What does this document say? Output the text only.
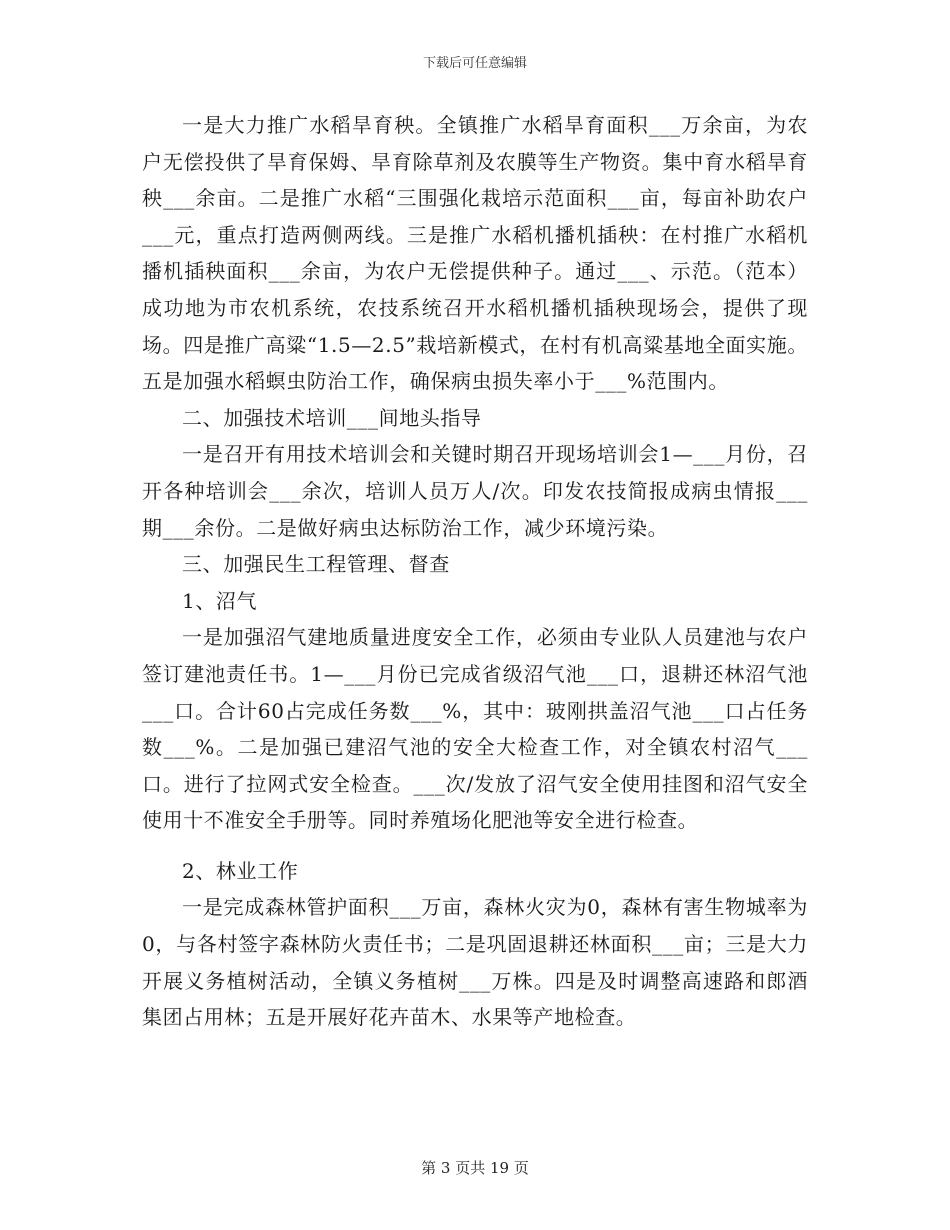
下载后可任意编辑

一是大力推广水稻旱育秧。全镇推广水稻旱育面积___万余亩，为农户无偿投供了旱育保姆、旱育除草剂及农膜等生产物资。集中育水稻旱育秧___余亩。二是推广水稻“三围强化栽培示范面积___亩，每亩补助农户___元，重点打造两侧两线。三是推广水稻机播机插秧：在村推广水稻机播机插秧面积___余亩，为农户无偿提供种子。通过___、示范。（范本）成功地为市农机系统，农技系统召开水稻机播机插秧现场会，提供了现场。四是推广高粱“1.5—2.5”栽培新模式，在村有机高粱基地全面实施。五是加强水稻螟虫防治工作，确保病虫损失率小于___%范围内。

二、加强技术培训___间地头指导

一是召开有用技术培训会和关键时期召开现场培训会1—___月份，召开各种培训会___余次，培训人员万人/次。印发农技简报成病虫情报___期___余份。二是做好病虫达标防治工作，减少环境污染。

三、加强民生工程管理、督查

1、沼气

一是加强沼气建地质量进度安全工作，必须由专业队人员建池与农户签订建池责任书。1—___月份已完成省级沼气池___口，退耕还林沼气池___口。合计60占完成任务数___%，其中：玻刚拱盖沼气池___口占任务数___%。二是加强已建沼气池的安全大检查工作，对全镇农村沼气___口。进行了拉网式安全检查。___次/发放了沼气安全使用挂图和沼气安全使用十不准安全手册等。同时养殖场化肥池等安全进行检查。

2、林业工作

一是完成森林管护面积___万亩，森林火灾为0，森林有害生物城率为0，与各村签字森林防火责任书；二是巩固退耕还林面积___亩；三是大力开展义务植树活动，全镇义务植树___万株。四是及时调整高速路和郎酒集团占用林；五是开展好花卉苗木、水果等产地检查。

第 3 页共 19 页
